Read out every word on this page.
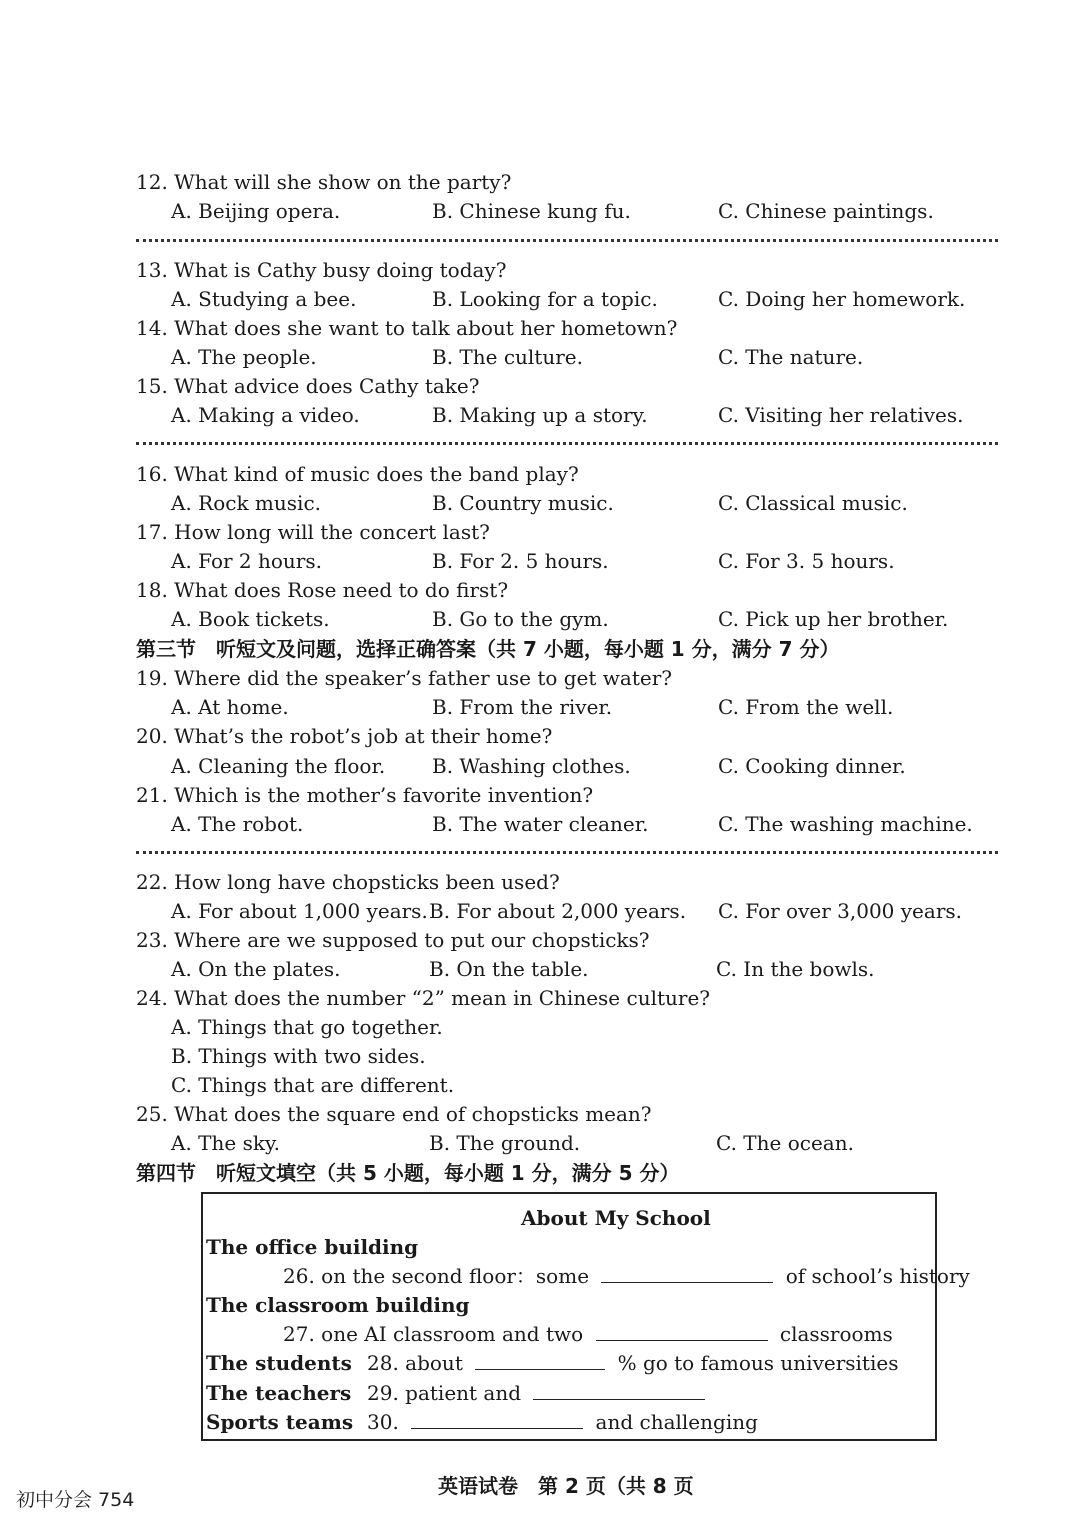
12. What will she show on the party?
A. Beijing opera.	B. Chinese kung fu.	C. Chinese paintings.
13. What is Cathy busy doing today?
A. Studying a bee.	B. Looking for a topic.	C. Doing her homework.
14. What does she want to talk about her hometown?
A. The people.	B. The culture.	C. The nature.
15. What advice does Cathy take?
A. Making a video.	B. Making up a story.	C. Visiting her relatives.
16. What kind of music does the band play?
A. Rock music.	B. Country music.	C. Classical music.
17. How long will the concert last?
A. For 2 hours.	B. For 2. 5 hours.	C. For 3. 5 hours.
18. What does Rose need to do first?
A. Book tickets.	B. Go to the gym.	C. Pick up her brother.
第三节　听短文及问题，选择正确答案（共 7 小题，每小题 1 分，满分 7 分）
19. Where did the speaker’s father use to get water?
A. At home.	B. From the river.	C. From the well.
20. What’s the robot’s job at their home?
A. Cleaning the floor. B. Washing clothes.	C. Cooking dinner.
21. Which is the mother’s favorite invention?
A. The robot.	B. The water cleaner.	C. The washing machine.
22. How long have chopsticks been used?
A. For about 1,000 years. B. For about 2,000 years. C. For over 3,000 years.
23. Where are we supposed to put our chopsticks?
A. On the plates.	B. On the table.	C. In the bowls.
24. What does the number “2” mean in Chinese culture?
A. Things that go together.
B. Things with two sides.
C. Things that are different.
25. What does the square end of chopsticks mean?
A. The sky.	B. The ground.	C. The ocean.
第四节　听短文填空（共 5 小题，每小题 1 分，满分 5 分）
About My School
The office building
26. on the second floor：some	of school’s history
The classroom building
27. one AI classroom and two	classrooms
The students 28. about	% go to famous universities
The teachers 29. patient and
Sports teams 30.	and challenging
英语试卷　第 2 页（共 8 页
初中分会 754
